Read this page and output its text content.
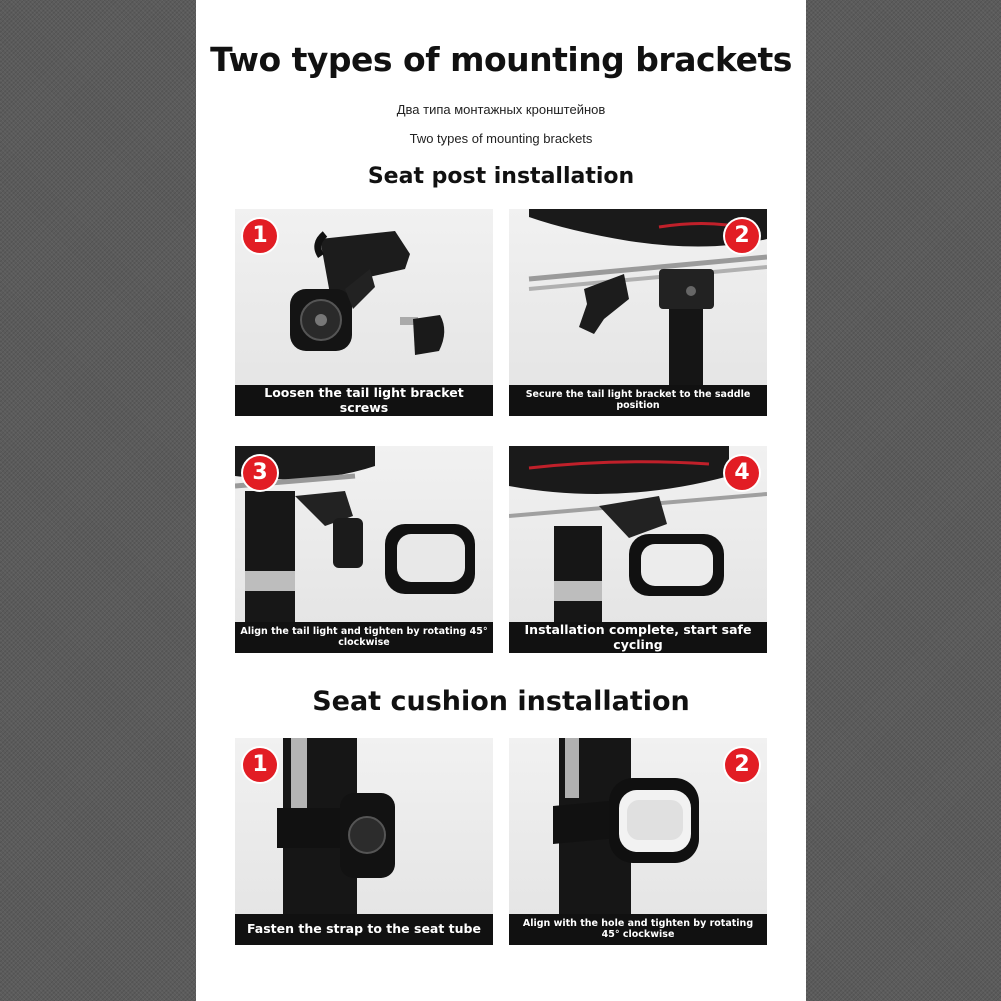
Two types of mounting brackets
Два типа монтажных кронштейнов
Two types of mounting brackets
Seat post installation
1
Loosen the tail light bracket screws
2
Secure the tail light bracket to the saddle position
3
Align the tail light and tighten by rotating 45° clockwise
4
Installation complete, start safe cycling
Seat cushion installation
1
Fasten the strap to the seat tube
2
Align with the hole and tighten by rotating 45° clockwise
